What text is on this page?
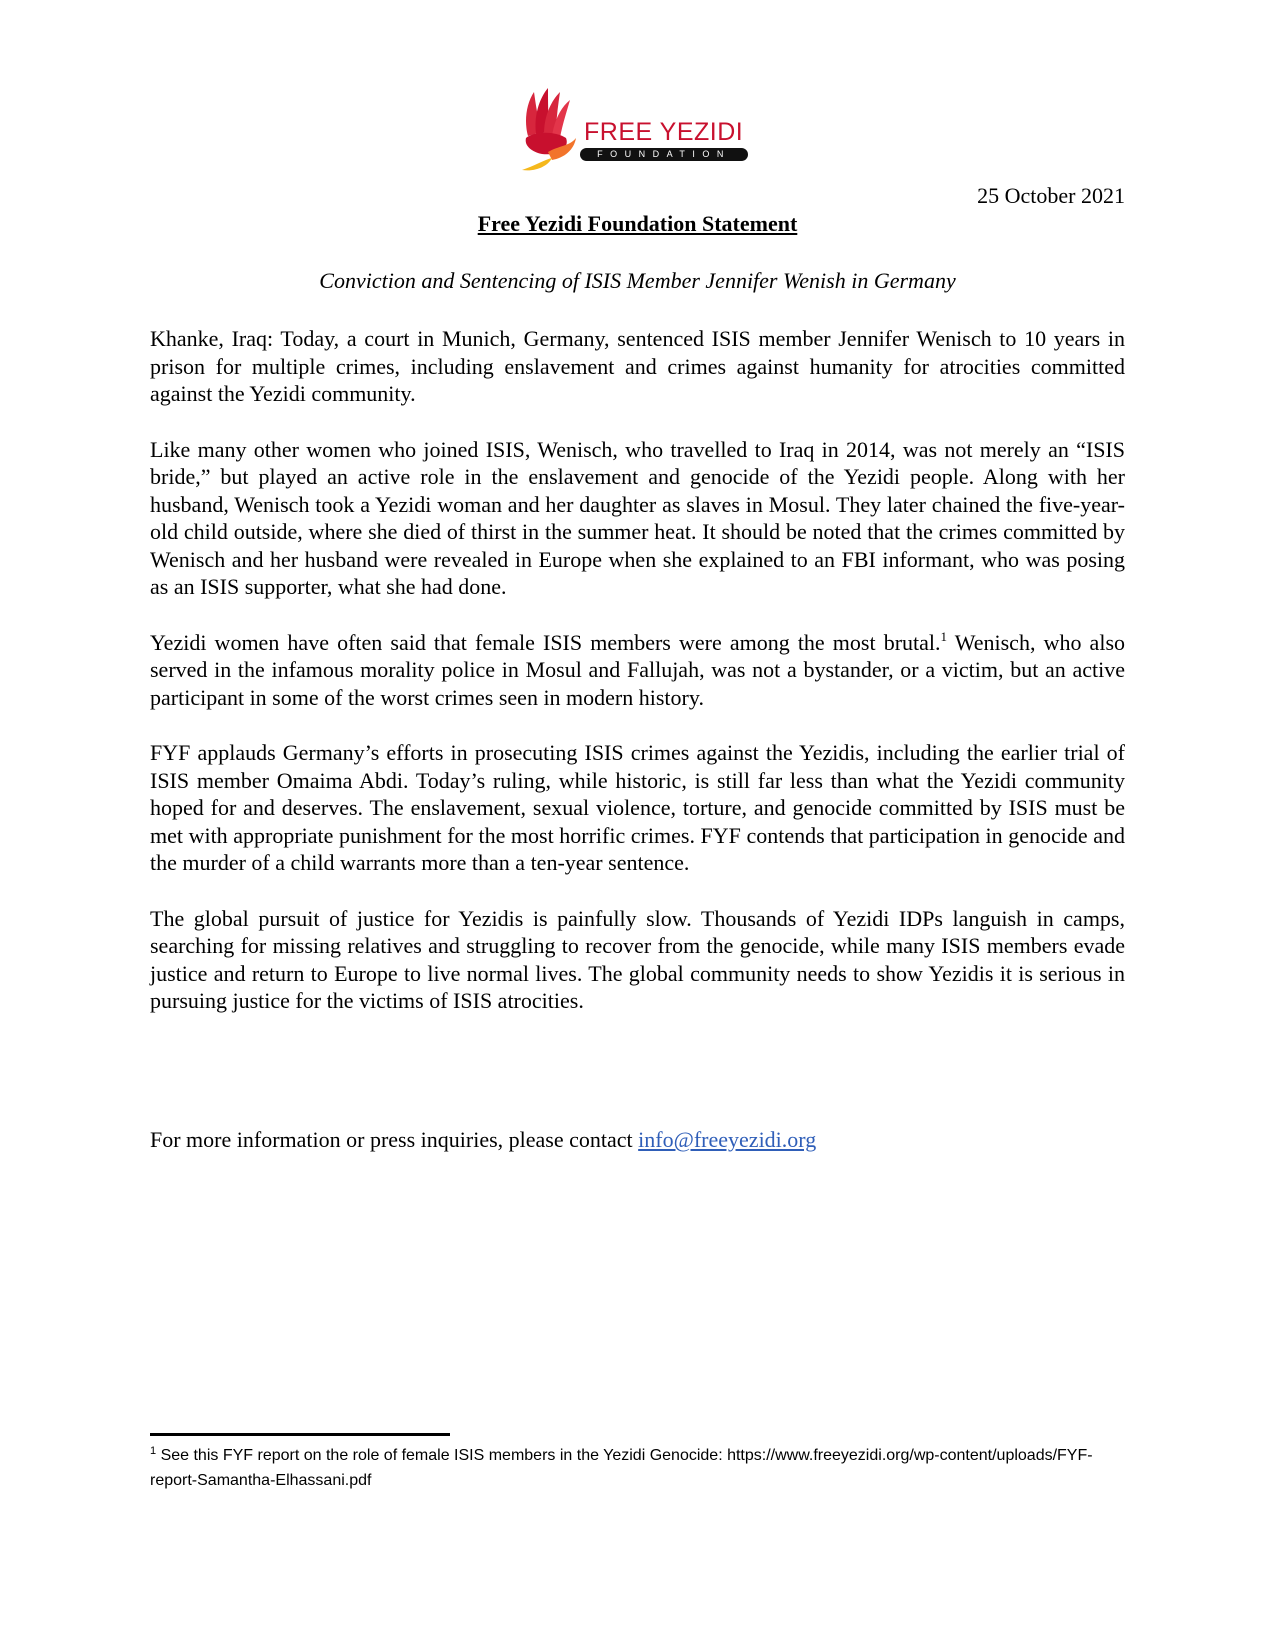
FREE YEZIDI
FOUNDATION
25 October 2021
Free Yezidi Foundation Statement
Conviction and Sentencing of ISIS Member Jennifer Wenish in Germany

Khanke, Iraq: Today, a court in Munich, Germany, sentenced ISIS member Jennifer Wenisch to 10 years in prison for multiple crimes, including enslavement and crimes against humanity for atrocities committed against the Yezidi community.

Like many other women who joined ISIS, Wenisch, who travelled to Iraq in 2014, was not merely an “ISIS bride,” but played an active role in the enslavement and genocide of the Yezidi people. Along with her husband, Wenisch took a Yezidi woman and her daughter as slaves in Mosul. They later chained the five-year-old child outside, where she died of thirst in the summer heat. It should be noted that the crimes committed by Wenisch and her husband were revealed in Europe when she explained to an FBI informant, who was posing as an ISIS supporter, what she had done.

Yezidi women have often said that female ISIS members were among the most brutal.$^1$ Wenisch, who also served in the infamous morality police in Mosul and Fallujah, was not a bystander, or a victim, but an active participant in some of the worst crimes seen in modern history.

FYF applauds Germany’s efforts in prosecuting ISIS crimes against the Yezidis, including the earlier trial of ISIS member Omaima Abdi. Today’s ruling, while historic, is still far less than what the Yezidi community hoped for and deserves. The enslavement, sexual violence, torture, and genocide committed by ISIS must be met with appropriate punishment for the most horrific crimes. FYF contends that participation in genocide and the murder of a child warrants more than a ten-year sentence.

The global pursuit of justice for Yezidis is painfully slow. Thousands of Yezidi IDPs languish in camps, searching for missing relatives and struggling to recover from the genocide, while many ISIS members evade justice and return to Europe to live normal lives. The global community needs to show Yezidis it is serious in pursuing justice for the victims of ISIS atrocities.

For more information or press inquiries, please contact info@freeyezidi.org
$^1$ See this FYF report on the role of female ISIS members in the Yezidi Genocide: https://www.freeyezidi.org/wp-content/uploads/FYF-report-Samantha-Elhassani.pdf
